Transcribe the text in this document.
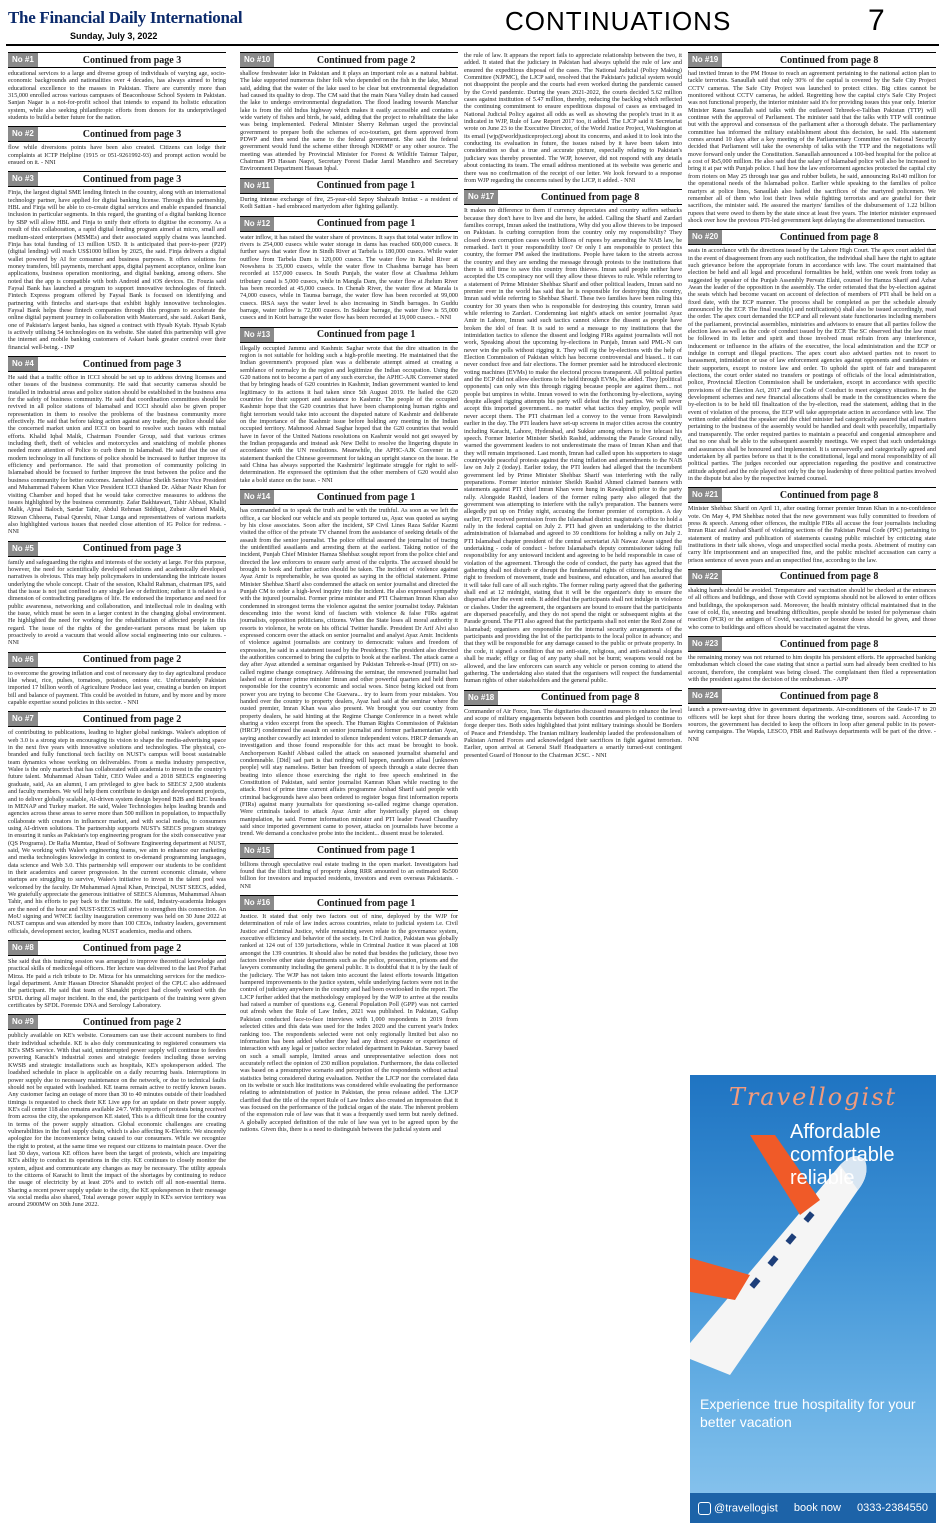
The Financial Daily International
Sunday, July 3, 2022	CONTINUATIONS	7
No #1	Continued from page 3
educational services to a large and diverse group of individuals of varying age, socio-economic backgrounds and nationalities over 4 decades, has always aimed to bring educational excellence to the masses in Pakistan. There are currently more than 315,000 enrolled across various campuses of Beaconhouse School System in Pakistan. Sanjan Nagar is a not-for-profit school that intends to expand its holistic education system, while also seeking philanthropic efforts from donors for its underprivileged students to build a better future for the nation.
No #2	Continued from page 3
flow while diversions points have been also created. Citizens can lodge their complaints at ICTP Helpline (1915 or 051-9261992-93) and prompt action would be ensued on it. - NNI
No #3	Continued from page 3
Finja, the largest digital SME lending fintech in the country, along with an international technology partner, have applied for digital banking license. Through this partnership, HBL and Finja will be able to co-create digital services and enable expanded financial inclusion in particular segments. In this regard, the granting of a digital banking licence by SBP will allow HBL and Finja to unify their efforts to digitise the economy. As a result of this collaboration, a rapid digital lending program aimed at micro, small and medium-sized enterprises (MSMEs) and their associated supply chains was launched. Finja has total funding of 13 million USD. It is anticipated that peer-to-peer (P2P) (digital lending) will reach US$1000 billion by 2025, the said. Finja delivers a digital wallet powered by AI for consumer and business purposes. It offers solutions for money transfers, bill payments, merchant apps, digital payment acceptance, online loan applications, business operation monitoring, and digital banking, among others. She noted that the app is compatible with both Android and iOS devices. Dr. Fouzia said Faysal Bank has launched a program to support innovative technologies of fintech. Fintech Express program offered by Faysal Bank is focused on identifying and partnering with fintechs and start-ups that exhibit highly innovative technologies. Faysal Bank helps these fintech companies through this program to accelerate the online digital payment journey in collaboration with Mastercard, she said. Askari Bank, one of Pakistan's largest banks, has signed a contract with Hysab Kytab. Hysab Kytab is actively utilising 54 technologies on its website. She stated this partnership will give the internet and mobile banking customers of Askari bank greater control over their financial well-being. - INP
No #4	Continued from page 3
He said that a traffic office in ICCI should be set up to address driving licenses and other issues of the business community. He said that security cameras should be installed in industrial areas and police station should be established in the business area for the safety of business community. He said that coordination committees should be revived in all police stations of Islamabad and ICCI should also be given proper representation in them to resolve the problems of the business community more effectively. He said that before taking action against any trader, the police should take the concerned market union and ICCI on board to resolve such issues with mutual efforts. Khalid Iqbal Malik, Chairman Founder Group, said that various crimes including theft, theft of vehicles and motorcycles and snatching of mobile phones needed more attention of Police to curb them in Islamabad. He said that the use of modern technology in all functions of police should be increased to further improve its efficiency and performance. He said that promotion of community policing in Islamabad should be focused to further improve the trust between the police and the business community for better outcomes. Jamshed Akhtar Sheikh Senior Vice President and Muhammad Faheem Khan Vice President ICCI thanked Dr. Akbar Nasir Khan for visiting Chamber and hoped that he would take corrective measures to address the issues highlighted by the business community. Zafar Bakhtawari, Tahir Abbasi, Khalid Malik, Ajmal Baloch, Sardar Tahir, Abdul Rehman Siddiqui, Zubair Ahmed Malik, Rizwan Chheena, Faisal Qureshi, Nisar Lunga and representatives of various markets also highlighted various issues that needed close attention of IG Police for redress. - NNI
No #5	Continued from page 3
family and safeguarding the rights and interests of the society at large. For this purpose, however, the need for scientifically developed solutions and academically developed narratives is obvious. This may help policymakers in understanding the intricate issues underlying the whole concept. Chair of the session, Khalid Rahman, chairman IPS, said that the issue is not just confined to any single law or definition; rather it is related to a dimension of contradicting paradigms of life. He endorsed the importance and need for public awareness, networking and collaboration, and intellectual role in dealing with the issue, which must be seen in a larger context in the changing global environment. He highlighted the need for working for the rehabilitation of affected people in this regard. The issue of the rights of the gender-variant persons must be taken up proactively to avoid a vacuum that would allow social engineering into our cultures. - NNI
No #6	Continued from page 2
to overcome the growing inflation and cost of necessary day to day agricultural produce like wheat, rice, pulses, tomatoes, potatoes, onions etc. Unfortunately Pakistan imported 17 billion worth of Agriculture Produce last year, creating a burden on import bill and balance of payment. This could be avoided in future, and by more and by more capable expertise sound policies in this sector. - NNI
No #7	Continued from page 2
of contributing to publications, leading to higher global rankings. Walee's adoption of web 3.0 is a strong step in encouraging its vision to shape the media-advertising space in the next five years with innovative solutions and technologies. The physical, co-branded and fully functional tech facility on NUST's campus will boost sustainable team dynamics whose working on deliverables. From a media industry perspective, Walee is the only martech that has collaborated with academia to invest in the country's future talent. Muhammad Ahsan Tahir, CEO Walee and a 2018 SEECS engineering graduate, said, As an alumni, I am privileged to give back to SEECS' 2,500 students and faculty members. We will help them contribute to design and development projects, and to deliver globally scalable, AI-driven system design beyond B2B and B2C brands in MENAP and Turkey market. He said, Walee Technologies helps leading brands and agencies across these areas to serve more than 500 million in population, to impactfully collaborate with creators in influencer market, and with social media, to consumers using AI-driven solutions. The partnership supports NUST's SEECS program strategy in ensuring it ranks as Pakistan's top engineering program for the sixth consecutive year (QS Programs). Dr Rafia Mumtaz, Head of Software Engineering department at NUST, said, We working with Walee's engineering teams, we aim to enhance our marketing and media technologies knowledge in context to on-demand programming languages, data science and Web 3.0. This partnership will empower our students to be confident in their academics and career progression. In the current economic climate, where startups are struggling to survive, Walee's initiative to invest in the talent pool was welcomed by the faculty. Dr Muhammad Ajmal Khan, Principal, NUST SEECS, added, We gratefully appreciate the generous initiative of SEECS Alumnus, Muhammad Ahsan Tahir, and his efforts to pay back to the institute. He said, Industry-academia linkages are the need of the hour and NUST-SEECS will strive to strengthen this connection. An MoU signing and WNCE facility inauguration ceremony was held on 30 June 2022 at NUST campus and was attended by more than 100 CEOs, industry leaders, government officials, development sector, leading NUST academics, media and others.
No #8	Continued from page 2
She said that this training session was arranged to improve theoretical knowledge and practical skills of medicolegal officers. Her lecture was delivered to the last Prof Farhat Mirza. He paid a rich tribute to Dr. Mirza for his unmatching services for the medico-legal department. Amir Hassan Director Shanakht project of the CPLC also addressed the participant. He said that team of Shanakht project had closely worked with the SFDL during all major incident. In the end, the participants of the training were given certificates by SFDL Forensic DNA and Serology Laboratory.
No #9	Continued from page 2
publicly available on KE's website. Consumers can use their account numbers to find their individual schedule. KE is also duly communicating to registered consumers via KE's SMS service. With that said, uninterrupted power supply will continue to feeders powering Karachi's industrial zones and strategic feeders including those serving KWSB and strategic installations such as hospitals, KE's spokesperson added. The loadshed schedule in place is applicable on a daily recurring basis. Interruptions in power supply due to necessary maintenance on the network, or due to technical faults should not be equated with loadshed. KE teams remain active to rectify known issues. Any customer facing an outage of more than 30 to 40 minutes outside of their loadshed timings is requested to check their KE Live app for an update on their power supply. KE's call center 118 also remains available 24/7. With reports of protests being received from across the city, the spokesperson KE stated, This is a difficult time for the country in terms of the power supply situation. Global economic challenges are creating vulnerabilities in the fuel supply chain, which is also affecting K-Electric. We sincerely apologize for the inconvenience being caused to our consumers. While we recognize the right to protest, at the same time we request our citizens to maintain peace. Over the last 30 days, various KE offices have been the target of protests, which are impairing KE's ability to conduct its operations in the city. KE continues to closely monitor the system, adjust and communicate any changes as may be necessary. The utility appeals to the citizens of Karachi to limit the impact of the shortages by continuing to reduce the usage of electricity by at least 20% and to switch off all non-essential items. Sharing a recent power supply update to the city, the KE spokesperson in their message via social media also shared, Total average power supply in KE's service territory was around 2900MW on 30th June 2022.
No #10	Continued from page 2
shallow freshwater lake in Pakistan and it plays an important role as a natural habitat. The lake supported numerous fisher folk who depended on the fish in the lake, Murad said, adding that the water of the lake used to be clear but environmental degradation had caused its quality to drop. The CM said that the main Nara Valley drain had caused the lake to undergo environmental degradation. The flood leading towards Manchar lake is from the old Indus highway which makes it easily accessible and contains a wide variety of fishes and birds, he said, adding that the project to rehabilitate the lake was being implemented. Federal Minister Sherry Rehman urged the provincial government to prepare both the schemes of eco-tourism, get them approved from PDWP and then send the same to the federal government. She said the federal government would fund the scheme either through NDRMF or any other source. The meeting was attended by Provincial Minister for Forest & Wildlife Taimur Talpur, Chairman PD Hassan Naqvi, Secretary Forest Dadar Jamil Mandhro and Secretary Environment Department Hassan Iqbal.
No #11	Continued from page 1
During intense exchange of fire, 25-year-old Sepoy Shahzaib Imtiaz - a resident of Kotli Sattian - had embraced martyrdom after fighting gallantly.
No #12	Continued from page 1
water inflow, it has raised the water share of provinces. It says that total water inflow in rivers is 254,000 cusecs while water storage in dams has reached 600,000 cusecs. It further says that water flow in Sindh River at Tarbela is 180,000 cusecs. While water outflow from Tarbela Dam is 120,000 cusecs. The water flow in Kabul River at Nowshera is 35,000 cusecs, while the water flow in Chashma barrage has been recorded at 157,000 cusecs. In South Punjab, the water flow at Chashma Jehlum tributary canal is 5,000 cusecs, while in Mangla Dam, the water flow at Jhelum River has been recorded at 45,000 cusecs. In Chenab River, the water flow at Marala is 74,000 cusecs, while in Taunsa barrage, the water flow has been recorded at 99,000 cusecs. IRSA says the water level is also increasing in Sindh barrages. In Guddu barrage, water inflow is 72,000 cusecs. In Sukkur barrage, the water flow is 55,000 cusecs and in Kotri barrage the water flow has been recorded at 19,000 cusecs. - NNI
No #13	Continued from page 1
illegally occupied Jammu and Kashmir. Saghar wrote that the dire situation in the region is not suitable for holding such a high-profile meeting. He maintained that the Indian government's proposed plan was a deliberate attempt aimed at creating a semblance of normalcy in the region and legitimize the Indian occupation. Using the G20 nations not to become a part of any such exercise, the APHC-AJK Convener stated that by bringing heads of G20 countries in Kashmir, Indian government wanted to lend legitimacy to its actions it had taken since 5th August 2019. He hailed the G20 countries for their support and assistance to Kashmir. The people of the occupied Kashmir hope that the G20 countries that have been championing human rights and fight terrorism would take into account the disputed nature of Kashmir and deliberate on the importance of the Kashmir issue before holding any meeting in the Indian occupied territory. Mahmood Ahmad Saghar hoped that the G20 countries that would have in favor of the United Nations resolutions on Kashmir would not get swayed by the Indian propaganda and instead ask New Delhi to resolve the lingering dispute in accordance with the UN resolutions. Meanwhile, the APHC-AJK Convener in a statement thanked the Chinese government for taking an upright stance on the issue. He said China has always supported the Kashmiris' legitimate struggle for right to self-determination. He expressed the optimism that the other members of G20 would also take a bold stance on the issue. - NNI
No #14	Continued from page 1
has commanded us to speak the truth and be with the truthful. As soon as we left the office, a car blocked our vehicle and six people tortured us, Ayaz was quoted as saying by his close associates. Soon after the incident, SP Civil Lines Raza Safdar Kazmi visited the office of the private TV channel from the assistance of seeking details of the assault from the senior journalist. The police official assured the journalist of tracing the unidentified assailants and arresting them at the earliest. Taking notice of the incident, Punjab Chief Minister Hamza Shehbaz sought report from the police chief and directed the law enforcers to ensure early arrest of the culprits. The accused should be brought to book and further action should be taken. The incident of violence against Ayaz Amir is reprehensible, he was quoted as saying in the official statement. Prime Minister Shehbaz Sharif also condemned the attack on senior journalist and directed the Punjab CM to order a high-level inquiry into the incident. He also expressed sympathy with the injured journalist. Former prime minister and PTI Chairman Imran Khan also condemned in strongest terms the violence against the senior journalist today. Pakistan descending into the worst kind of fascism with violence & false FIRs against journalists, opposition politicians, citizens. When the State loses all moral authority it resorts to violence, he wrote on his official Twitter handle. President Dr Arif Alvi also expressed concern over the attack on senior journalist and analyst Ayaz Amir. Incidents of violence against journalists are contrary to democratic values and freedom of expression, he said in a statement issued by the Presidency. The president also directed the authorities concerned to bring the culprits to book at the earliest. The attack came a day after Ayaz attended a seminar organised by Pakistan Tehreek-e-Insaf (PTI) on so-called regime change conspiracy. Addressing the seminar, the renowned journalist had lashed out at former prime minister Imran and other powerful quarters and held them responsible for the country's economic and social woes. Since being kicked out from power you are trying to become Che Guevara... try to learn from your mistakes. You handed over the country to property dealers, Ayaz had said at the seminar where the ousted premier, Imran Khan was also present. We brought you our country from property dealers, he said hinting at the Regime Change Conference in a tweet while sharing a video excerpt from the speech. The Human Rights Commission of Pakistan (HRCP) condemned the assault on senior journalist and former parliamentarian Ayaz, saying another cowardly act intended to silence independent voices. HRCP demands an investigation and those found responsible for this act must be brought to book. Anchorperson Kashif Abbasi called the attack on seasoned journalist shameful and condemnable. [Did] sad part is that nothing will happen, nandoom aflaal [unknown people] will stay nameless. Better ban freedom of speech through a state decree than beating into silence those exercising the right to free speech enshrined in the Constitution of Pakistan, said senior journalist Kamran Khan while reacting to the attack. Host of prime time current affairs programme Arshad Sharif said people with criminal backgrounds have also been ordered to register bogus first information reports (FIRs) against many journalists for questioning so-called regime change operation. Were criminals tasked to attack Ayaz Amir after hysterically played on cheap manipulation, he said. Former information minister and PTI leader Fawad Chaudhry said since imported government came to power, attacks on journalists have become a trend. We demand a conclusive probe into the incident... dissent must be tolerated.
No #15	Continued from page 1
billions through speculative real estate trading in the open market. Investigators had found that the illicit trading of property along RRR amounted to an estimated Rs500 billion for investors and impacted residents, investors and even overseas Pakistanis. - NNI
No #16	Continued from page 1
Justice. It stated that only two factors out of nine, deployed by the WJP for determination of rule of law index across countries, relate to judicial system i.e. Civil Justice and Criminal Justice, while remaining seven relate to the governance system, executive efficiency and behavior of the society. In Civil Justice, Pakistan was globally ranked at 124 out of 139 jurisdictions, while in Criminal Justice it was placed at 108 amongst the 139 countries. It should also be noted that besides the judiciary, those two factors involve other state departments such as the police, prosecution, prisons and the lawyers community including the general public. It is doubtful that it is by the fault of the judiciary. The WJP has not taken into account the latest efforts towards litigation hampered improvements to the justice system, while underlying factors were not in the control of judiciary anywhere in the country and had been overlooked in the report. The LJCP further added that the methodology employed by the WJP to arrive at the results had raised a number of questions e.g. General Population Poll (GPP) was not carried out afresh when the Rule of Law Index, 2021 was published. In Pakistan, Gallup Pakistan conducted face-to-face interviews with 1,000 respondents in 2019 from selected cities and this data was used for the Index 2020 and the current year's Index ranking too. The respondents selected were not only regionally limited but also no information has been added whether they had any direct exposure or experience of interaction with any legal or justice sector related department in Pakistan. Survey based on such a small sample, limited areas and unrepresentative selection does not accurately reflect the opinion of 230 million population. Furthermore, the data collected was based on a presumptive scenario and perception of the respondents without actual statistics being considered during evaluation. Neither the LJCP nor the correlated data on its website or such like institutions was considered while evaluating the performance relating to administration of justice in Pakistan, the press release added. The LJCP clarified that the title of the report Rule of Law Index also created an impression that it was focused on the performance of the judicial organ of the state. The inherent problem of the expression rule of law was that it was a frequently used term but rarely defined. A globally accepted definition of the rule of law was yet to be agreed upon by the nations. Given this, there is a need to distinguish between the judicial system and
the rule of law. It appears the report fails to appreciate relationship between the two, it added. It stated that the judiciary in Pakistan had always upheld the rule of law and ensured the expeditious disposal of the cases. The National Judicial (Policy Making) Committee (NJPMC), the LJCP said, resolved that the Pakistan's judicial system would not disappoint the people and the courts had even worked during the pandemic caused by the Covid pandemic. During the years 2021-2022, the courts decided 5.62 million cases against institution of 5.47 million, thereby, reducing the backlog which reflected the continuing commitment to ensure expeditious disposal of cases as envisaged in National Judicial Policy against all odds as well as showing the people's trust in it as indicated in WJP, Rule of Law Report 2017 too, it added. The LJCP said it Secretariat wrote on June 23 to the Executive Director, of the World Justice Project, Washington at its email (wjp@worldjusticeproject.org) about its concerns, and asked it to look into the conducting its evaluation in future, the issues raised by it have been taken into consideration so that a true and accurate picture, especially relating to Pakistan's judiciary was thereby presented. The WJP, however, did not respond with any details about contacting its team. The email address mentioned at its website was generic and there was no confirmation of the receipt of our letter. We look forward to a response from WJP regarding the concerns raised by the LJCP, it added. - NNI
No #17	Continued from page 8
It makes no difference to them if currency depreciates and country suffers setbacks because they don't have to live and die here, he added. Calling the Sharif and Zardari families corrupt, Imran asked the institutions, Why did you allow thieves to be imposed on Pakistan. Is curbing corruption from the country only my responsibility? They closed down corruption cases worth billions of rupees by amending the NAB law, he remarked. Isn't it your responsibility too? Or only I am responsible to protect this country, the former PM asked the institutions. People have taken to the streets across the country and they are sending the message through protests to the institutions that there is still time to save this country from thieves. Imran said people neither have accepted the US conspiracy nor will they allow these thieves to rule. While referring to a statement of Prime Minister Shehbaz Sharif and other political leaders, Imran said no premier ever in the world has said that he is responsible for destroying this country, Imran said while referring to Shehbaz Sharif. These two families have been ruling this country for 30 years then who is responsible for destroying this country, Imran said while referring to Zardari. Condemning last night's attack on senior journalist Ayaz Amir in Lahore, Imran said such tactics cannot silence the dissent as people have broken the idol of fear. It is said to send a message to my institutions that the intimidation tactics to silence the dissent and lodging FIRs against journalists will not work, Speaking about the upcoming by-elections in Punjab, Imran said PML-N can never win the polls without rigging it. They will rig the by-elections with the help of Election Commission of Pakistan which has become controversial and biased... it can never conduct free and fair elections. The former premier said he introduced electronic voting machines (EVMs) to make the electoral process transparent. All political parties and the ECP did not allow elections to be held through EVMs, he added. They [political opponents] can only win this through rigging because people are against them... not people but umpires in white. Imran vowed to win the forthcoming by-elections, saying despite alleged rigging attempts his party will defeat the rival parties. We will never accept this imported government... no matter what tactics they employ, people will never accept them. The PTI chairman led a convoy to the venue from Rawalpindi earlier in the day. The PTI leaders have set-up screens in major cities across the country including Karachi, Lahore, Hyderabad, and Sukkur among others to live telecast his speech. Former Interior Minister Sheikh Rashid, addressing the Parade Ground rally, warned the government leaders to not underestimate the mass of Imran Khan and that they will remain imprisoned. Last month, Imran had called upon his supporters to stage countrywide peaceful protests against the rising inflation and amendments to the NAB law on July 2 (today). Earlier today, the PTI leaders had alleged that the incumbent government led by Prime Minister Shehbaz Sharif was interfering with the rally preparations. Former interior minister Sheikh Rashid Ahmed claimed banners with statements against PTI chief Imran Khan were hung in Rawalpindi prior to the party rally. Alongside Rashid, leaders of the former ruling party also alleged that the government was attempting to interfere with the rally's preparation. The banners were allegedly put up on Friday night, accusing the former premier of corruption. A day earlier, PTI received permission from the Islamabad district magistrate's office to hold a rally in the federal capital on July 2. PTI had given an undertaking to the district administration of Islamabad and agreed to 39 conditions for holding a rally on July 2. PTI Islamabad chapter president of the central secretariat Ali Nawaz Awan signed the undertaking - code of conduct - before Islamabad's deputy commissioner taking full responsibility for any untoward incident and agreeing to be held responsible in case of violation of the agreement. Through the code of conduct, the party has agreed that the gathering shall not disturb or disrupt the fundamental rights of citizens, including the right to freedom of movement, trade and business, and education, and has assured that it will take full care of all such rights. The former ruling party agreed that the gathering shall end at 12 midnight, stating that it will be the organizer's duty to ensure the dispersal after the event ends. It added that the participants shall not indulge in violence or clashes. Under the agreement, the organisers are bound to ensure that the participants are dispersed peacefully, and they do not spend the night or subsequent nights at the Parade ground. The PTI also agreed that the participants shall not enter the Red Zone of Islamabad; organisers are responsible for the internal security arrangements of the participants and providing the list of the participants to the local police in advance; and that they will be responsible for any damage caused to the public or private property. In the code, it signed a condition that no anti-state, religious, and anti-national slogans shall be made; effigy or flag of any party shall not be burnt; weapons would not be allowed, and the law enforcers can search any vehicle or person coming to attend the gathering. The undertaking also stated that the organisers will respect the fundamental human rights of other stakeholders and the general public.
No #18	Continued from page 8
Commander of Air Force, Iran. The dignitaries discussed measures to enhance the level and scope of military engagements between both countries and pledged to continue to forge deeper ties. Both sides highlighted that joint military trainings should be Borders of Peace and Friendship. The Iranian military leadership lauded the professionalism of Pakistan Armed Forces and acknowledged their sacrifices in fight against terrorism. Earlier, upon arrival at General Staff Headquarters a smartly turned-out contingent presented Guard of Honour to the Chairman JCSC. - NNI
No #19	Continued from page 8
had invited Imran to the PM House to reach an agreement pertaining to the national action plan to tackle terrorists. Sanaullah said that only 30% of the capital is covered by the Safe City Project CCTV cameras. The Safe City Project was launched to protect cities. Big cities cannot be monitored without CCTV cameras, he added. Regretting how the capital city's Safe City Project was not functional properly, the interior minister said it's for providing issues this year only. Interior Minister Rana Sanaullah said talks with the outlawed Tehreek-e-Taliban Pakistan (TTP) will continue with the approval of Parliament. The minister said that the talks with TTP will continue but with the approval and consensus of the parliament after a thorough debate. The parliamentary committee has informed the military establishment about this decision, he said. His statement comes around 10 days after a key meeting of the Parliamentary Committee on National Security decided that Parliament will take the ownership of talks with the TTP and the negotiations will move forward only under the Constitution. Sanaullah announced a 100-bed hospital for the police at a cost of Rs5,000 million. He also said that the salary of Islamabad police will also be increased to bring it at par with Punjab police. I hail how the law enforcement agencies protected the capital city from rioters on May 25 through tear gas and rubber bullets, he said, announcing Rs140 million for the operational needs of the Islamabad police. Earlier while speaking to the families of police martyrs at police lines, Sanaullah also hailed the sacrifices of the martyred policemen. We remember all of them who lost their lives while fighting terrorists and are grateful for their sacrifices, the minister said. He assured the martyrs' families of the disbursement of 1.22 billion rupees that were owed to them by the state since at least five years. The interior minister expressed shock over how the previous PTI-led government kept delaying the aforementioned transaction.
No #20	Continued from page 8
seats in accordance with the directions issued by the Lahore High Court. The apex court added that in the event of disagreement from any such notification, the individual shall have the right to agitate such grievance before the appropriate forum in accordance with law. The court maintained that election be held and all legal and procedural formalities be held, within one week from today as suggested by speaker of the Punjab Assembly Pervaiz Elahi, counsel for Hamza Sharif and Azhar Awan the leader of the opposition in the assembly. The order reiterated that the by-election against the seats which had become vacant on account of defection of members of PTI shall be held on a fixed date, with the ECP manner. The process shall be completed as per the schedule already announced by the ECP. The final result(s) and notification(s) shall also be issued accordingly, read the order. The apex court demanded the ECP and all relevant state functionaries including members of the parliament, provincial assemblies, ministries and advisors to ensure that all parties follow the election laws as well as the code of conduct issued by the ECP. The SC observed that the law must be followed in its letter and spirit and those involved must refrain from any interference, inducement or influence in the affairs of the executive, the local administration and the ECP or indulge in corrupt and illegal practices. The apex court also advised parties not to resort to harassment, intimidation or use of law enforcement agencies against opponents and candidates or their supporters, except to restore law and order. To uphold the spirit of fair and transparent elections, the court order stated no transfers or postings of officials of the local administration, police, Provincial Election Commission shall be undertaken, except in accordance with specific provisions of the Election Act, 2017 and the Code of Conduct to meet exigency situations. In the development schemes and new financial allocations shall be made in the constituencies where the by-election is to be held till finalization of the by-election, read the statement, adding that in the event of violation of the process, the ECP will take appropriate action in accordance with law. The written order added that the speaker and the chief minister had categorically assured that all matters pertaining to the business of the assembly would be handled and dealt with peacefully, impartially and transparently. The order required parties to maintain a peaceful and congenial atmosphere and that no one shall be able to the subsequent assembly meetings. We expect that such undertakings and assurances shall be honoured and implemented. It is unreservedly and categorically agreed and undertaken by all parties before us that it is the constitutional, legal and moral responsibility of all political parties. The judges recorded our appreciation regarding the positive and constructive attitude adopted and the role played not only by the top leadership of three political parties involved in the dispute but also by the respective learned counsel.
No #21	Continued from page 8
Minister Shehbaz Sharif on April 11, after ousting former premier Imran Khan in a no-confidence vote. On May 4, PM Shehbaz noted that the new government was fully committed to freedom of press & speech. Among other offences, the multiple FIRs all accuse the four journalists including Imran Riaz and Arshad Sharif of violating sections of the Pakistan Penal Code (PPC) pertaining to statement of mutiny and publication of statements causing public mischief by criticizing state institutions in their talk shows, vlogs and unspecified social media posts. Abetment of mutiny can carry life imprisonment and an unspecified fine, and the public mischief accusation can carry a prison sentence of seven years and an unspecified fine, according to the law.
No #22	Continued from page 8
shaking hands should be avoided. Temperature and vaccination should be checked at the entrances of all offices and buildings, and those with Covid symptoms should not be allowed to enter offices and buildings, the spokesperson said. Moreover, the health ministry official maintained that in the case of cold, flu, sneezing and breathing difficulties, people should be tested for polymerase chain reaction (PCR) or the antigen of Covid, vaccination or booster doses should be given, and those who come to buildings and offices should be vaccinated against the virus.
No #23	Continued from page 8
the remaining money was not returned to him despite his persistent efforts. He approached banking ombudsman which closed the case stating that since a partial sum had already been credited to his account, therefore, the complaint was being closed. The complainant then filed a representation with the president against the decision of the ombudsman. - APP
No #24	Continued from page 8
launch a power-saving drive in government departments. Air-conditioners of the Grade-17 to 20 officers will be kept shut for three hours during the working time, sources said. According to sources, the government has decided to keep the officers in loop after general public in its power-saving campaigns. The Wapda, LESCO, FBR and Railways departments will be part of the drive. - NNI
Travellogist
Affordable comfortable reliable
Experience true hospitality for your better vacation
@travellogist book now 0333-2384550
